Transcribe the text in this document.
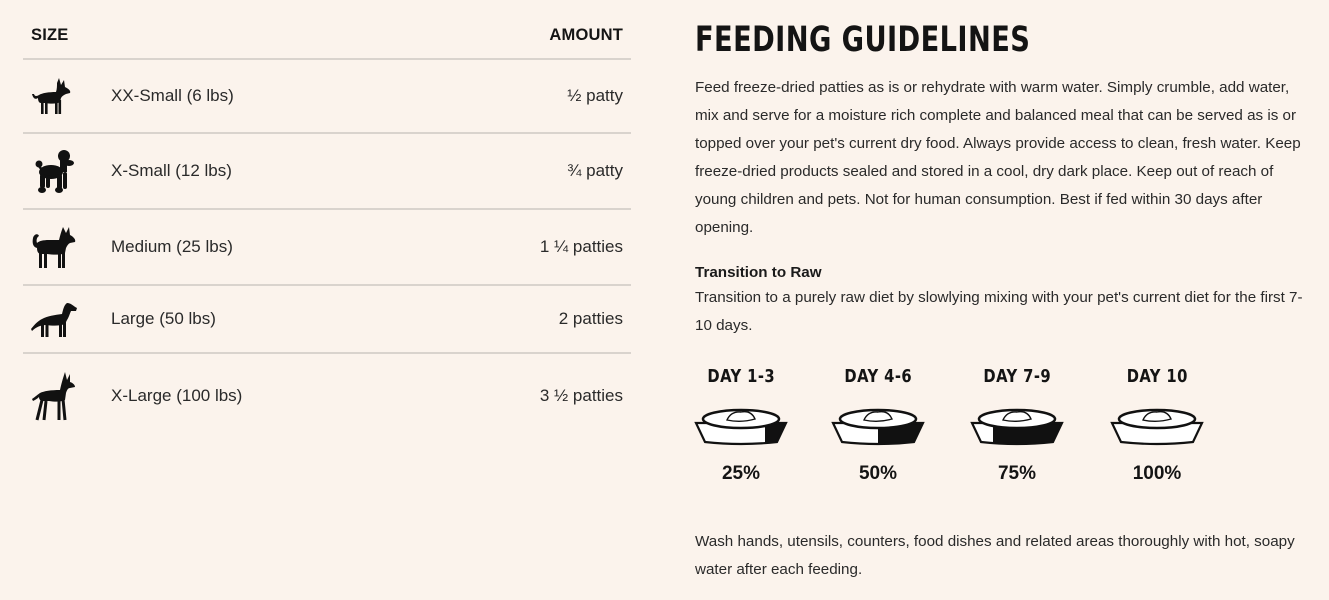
SIZE	AMOUNT
XX-Small (6 lbs)	½ patty
X-Small (12 lbs)	¾ patty
Medium (25 lbs)	1 ¼ patties
Large (50 lbs)	2 patties
X-Large (100 lbs)	3 ½ patties
FEEDING GUIDELINES

Feed freeze-dried patties as is or rehydrate with warm water. Simply crumble, add water, mix and serve for a moisture rich complete and balanced meal that can be served as is or topped over your pet's current dry food. Always provide access to clean, fresh water. Keep freeze-dried products sealed and stored in a cool, dry dark place. Keep out of reach of young children and pets. Not for human consumption. Best if fed within 30 days after opening.

Transition to Raw

Transition to a purely raw diet by slowlying mixing with your pet's current diet for the first 7-10 days.

DAY 1-3
25%
DAY 4-6
50%
DAY 7-9
75%
DAY 10
100%

Wash hands, utensils, counters, food dishes and related areas thoroughly with hot, soapy water after each feeding.
